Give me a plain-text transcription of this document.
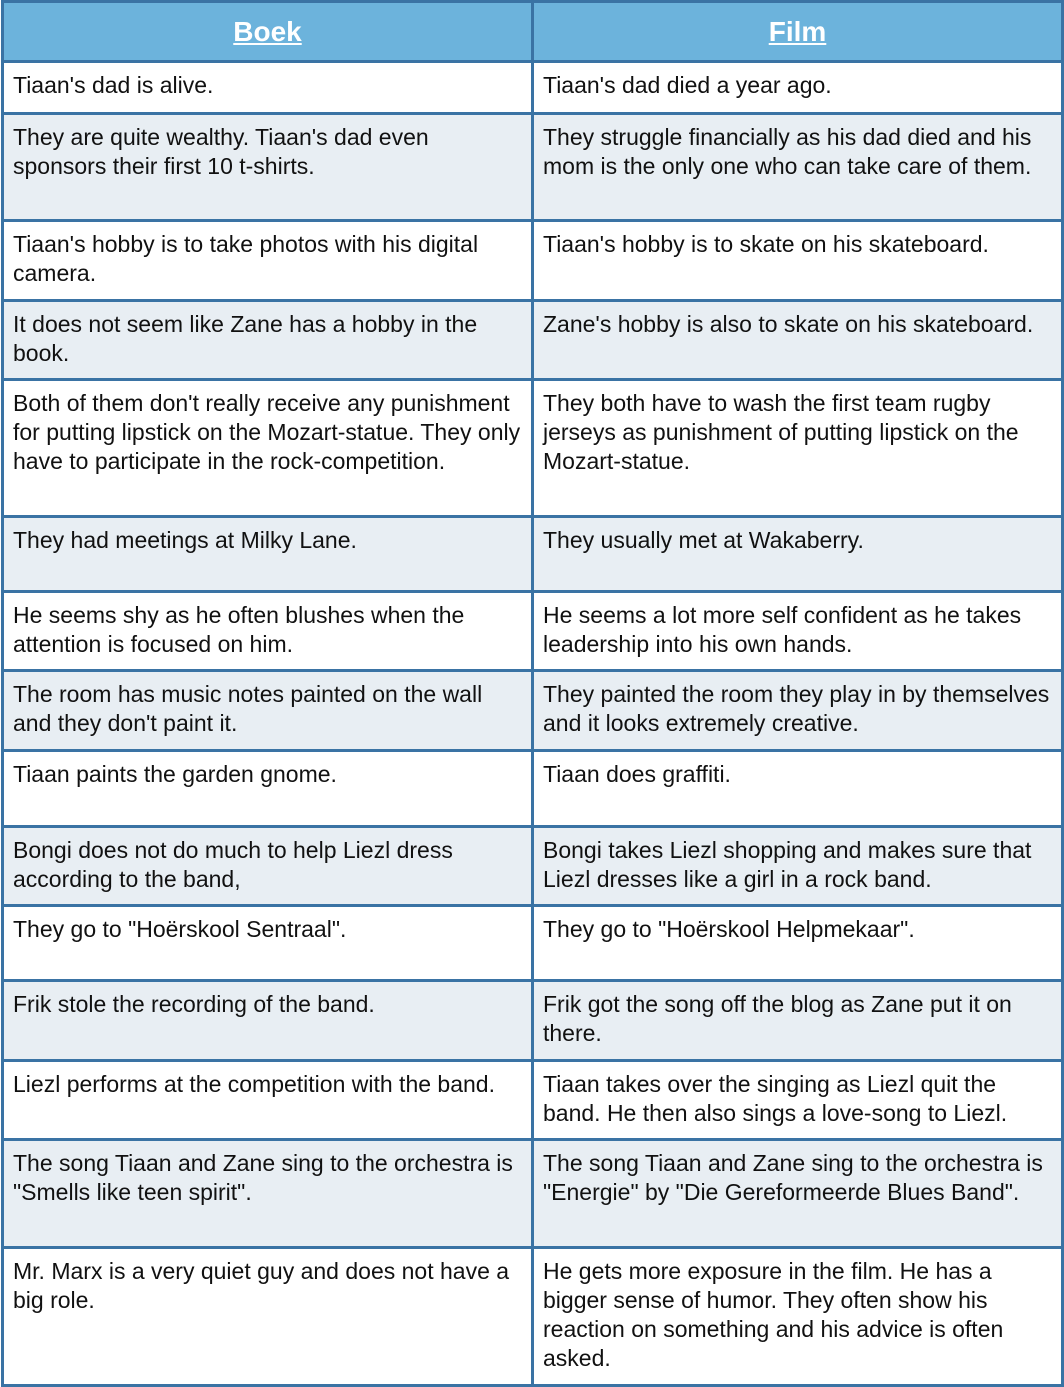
Boek	Film
Tiaan's dad is alive.	Tiaan's dad died a year ago.
They are quite wealthy. Tiaan's dad even sponsors their first 10 t-shirts.	They struggle financially as his dad died and his mom is the only one who can take care of them.
Tiaan's hobby is to take photos with his digital camera.	Tiaan's hobby is to skate on his skateboard.
It does not seem like Zane has a hobby in the book.	Zane's hobby is also to skate on his skateboard.
Both of them don't really receive any punishment for putting lipstick on the Mozart-statue. They only have to participate in the rock-competition.	They both have to wash the first team rugby jerseys as punishment of putting lipstick on the Mozart-statue.
They had meetings at Milky Lane.	They usually met at Wakaberry.
He seems shy as he often blushes when the attention is focused on him.	He seems a lot more self confident as he takes leadership into his own hands.
The room has music notes painted on the wall and they don't paint it.	They painted the room they play in by themselves and it looks extremely creative.
Tiaan paints the garden gnome.	Tiaan does graffiti.
Bongi does not do much to help Liezl dress according to the band,	Bongi takes Liezl shopping and makes sure that Liezl dresses like a girl in a rock band.
They go to "Hoërskool Sentraal".	They go to "Hoërskool Helpmekaar".
Frik stole the recording of the band.	Frik got the song off the blog as Zane put it on there.
Liezl performs at the competition with the band.	Tiaan takes over the singing as Liezl quit the band. He then also sings a love-song to Liezl.
The song Tiaan and Zane sing to the orchestra is "Smells like teen spirit".	The song Tiaan and Zane sing to the orchestra is "Energie" by "Die Gereformeerde Blues Band".
Mr. Marx is a very quiet guy and does not have a big role.	He gets more exposure in the film. He has a bigger sense of humor. They often show his reaction on something and his advice is often asked.
